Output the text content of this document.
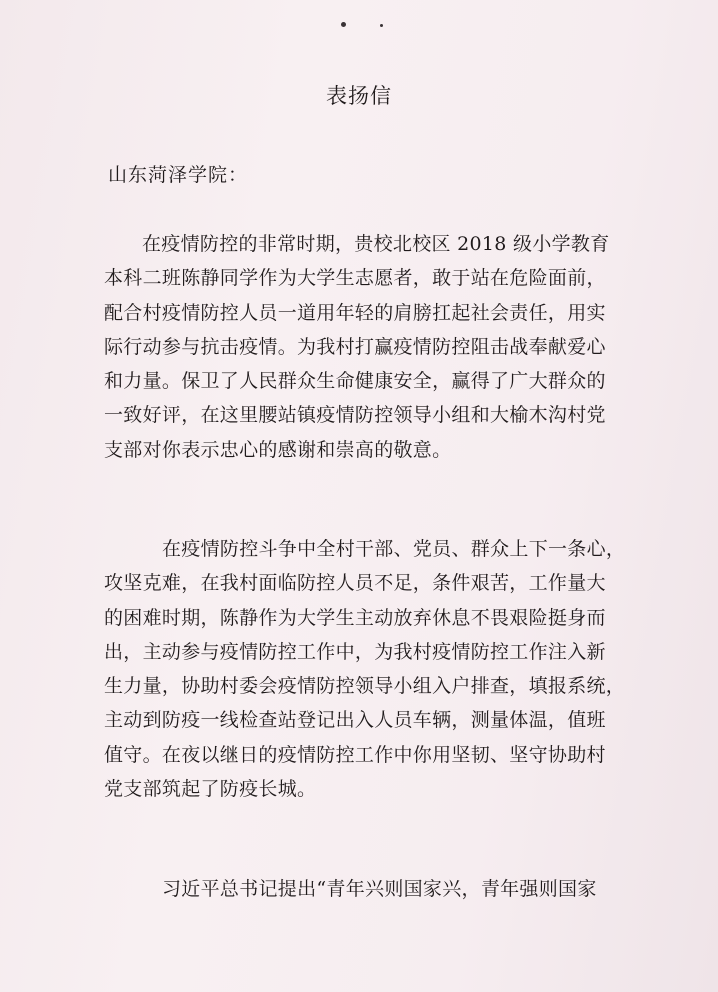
表扬信
山东菏泽学院：
在疫情防控的非常时期，贵校北校区 2018 级小学教育
本科二班陈静同学作为大学生志愿者，敢于站在危险面前，
配合村疫情防控人员一道用年轻的肩膀扛起社会责任，用实
际行动参与抗击疫情。为我村打赢疫情防控阻击战奉献爱心
和力量。保卫了人民群众生命健康安全，赢得了广大群众的
一致好评，在这里腰站镇疫情防控领导小组和大榆木沟村党
支部对你表示忠心的感谢和崇高的敬意。
在疫情防控斗争中全村干部、党员、群众上下一条心，
攻坚克难，在我村面临防控人员不足，条件艰苦，工作量大
的困难时期，陈静作为大学生主动放弃休息不畏艰险挺身而
出，主动参与疫情防控工作中，为我村疫情防控工作注入新
生力量，协助村委会疫情防控领导小组入户排查，填报系统，
主动到防疫一线检查站登记出入人员车辆，测量体温，值班
值守。在夜以继日的疫情防控工作中你用坚韧、坚守协助村
党支部筑起了防疫长城。
习近平总书记提出“青年兴则国家兴，青年强则国家
